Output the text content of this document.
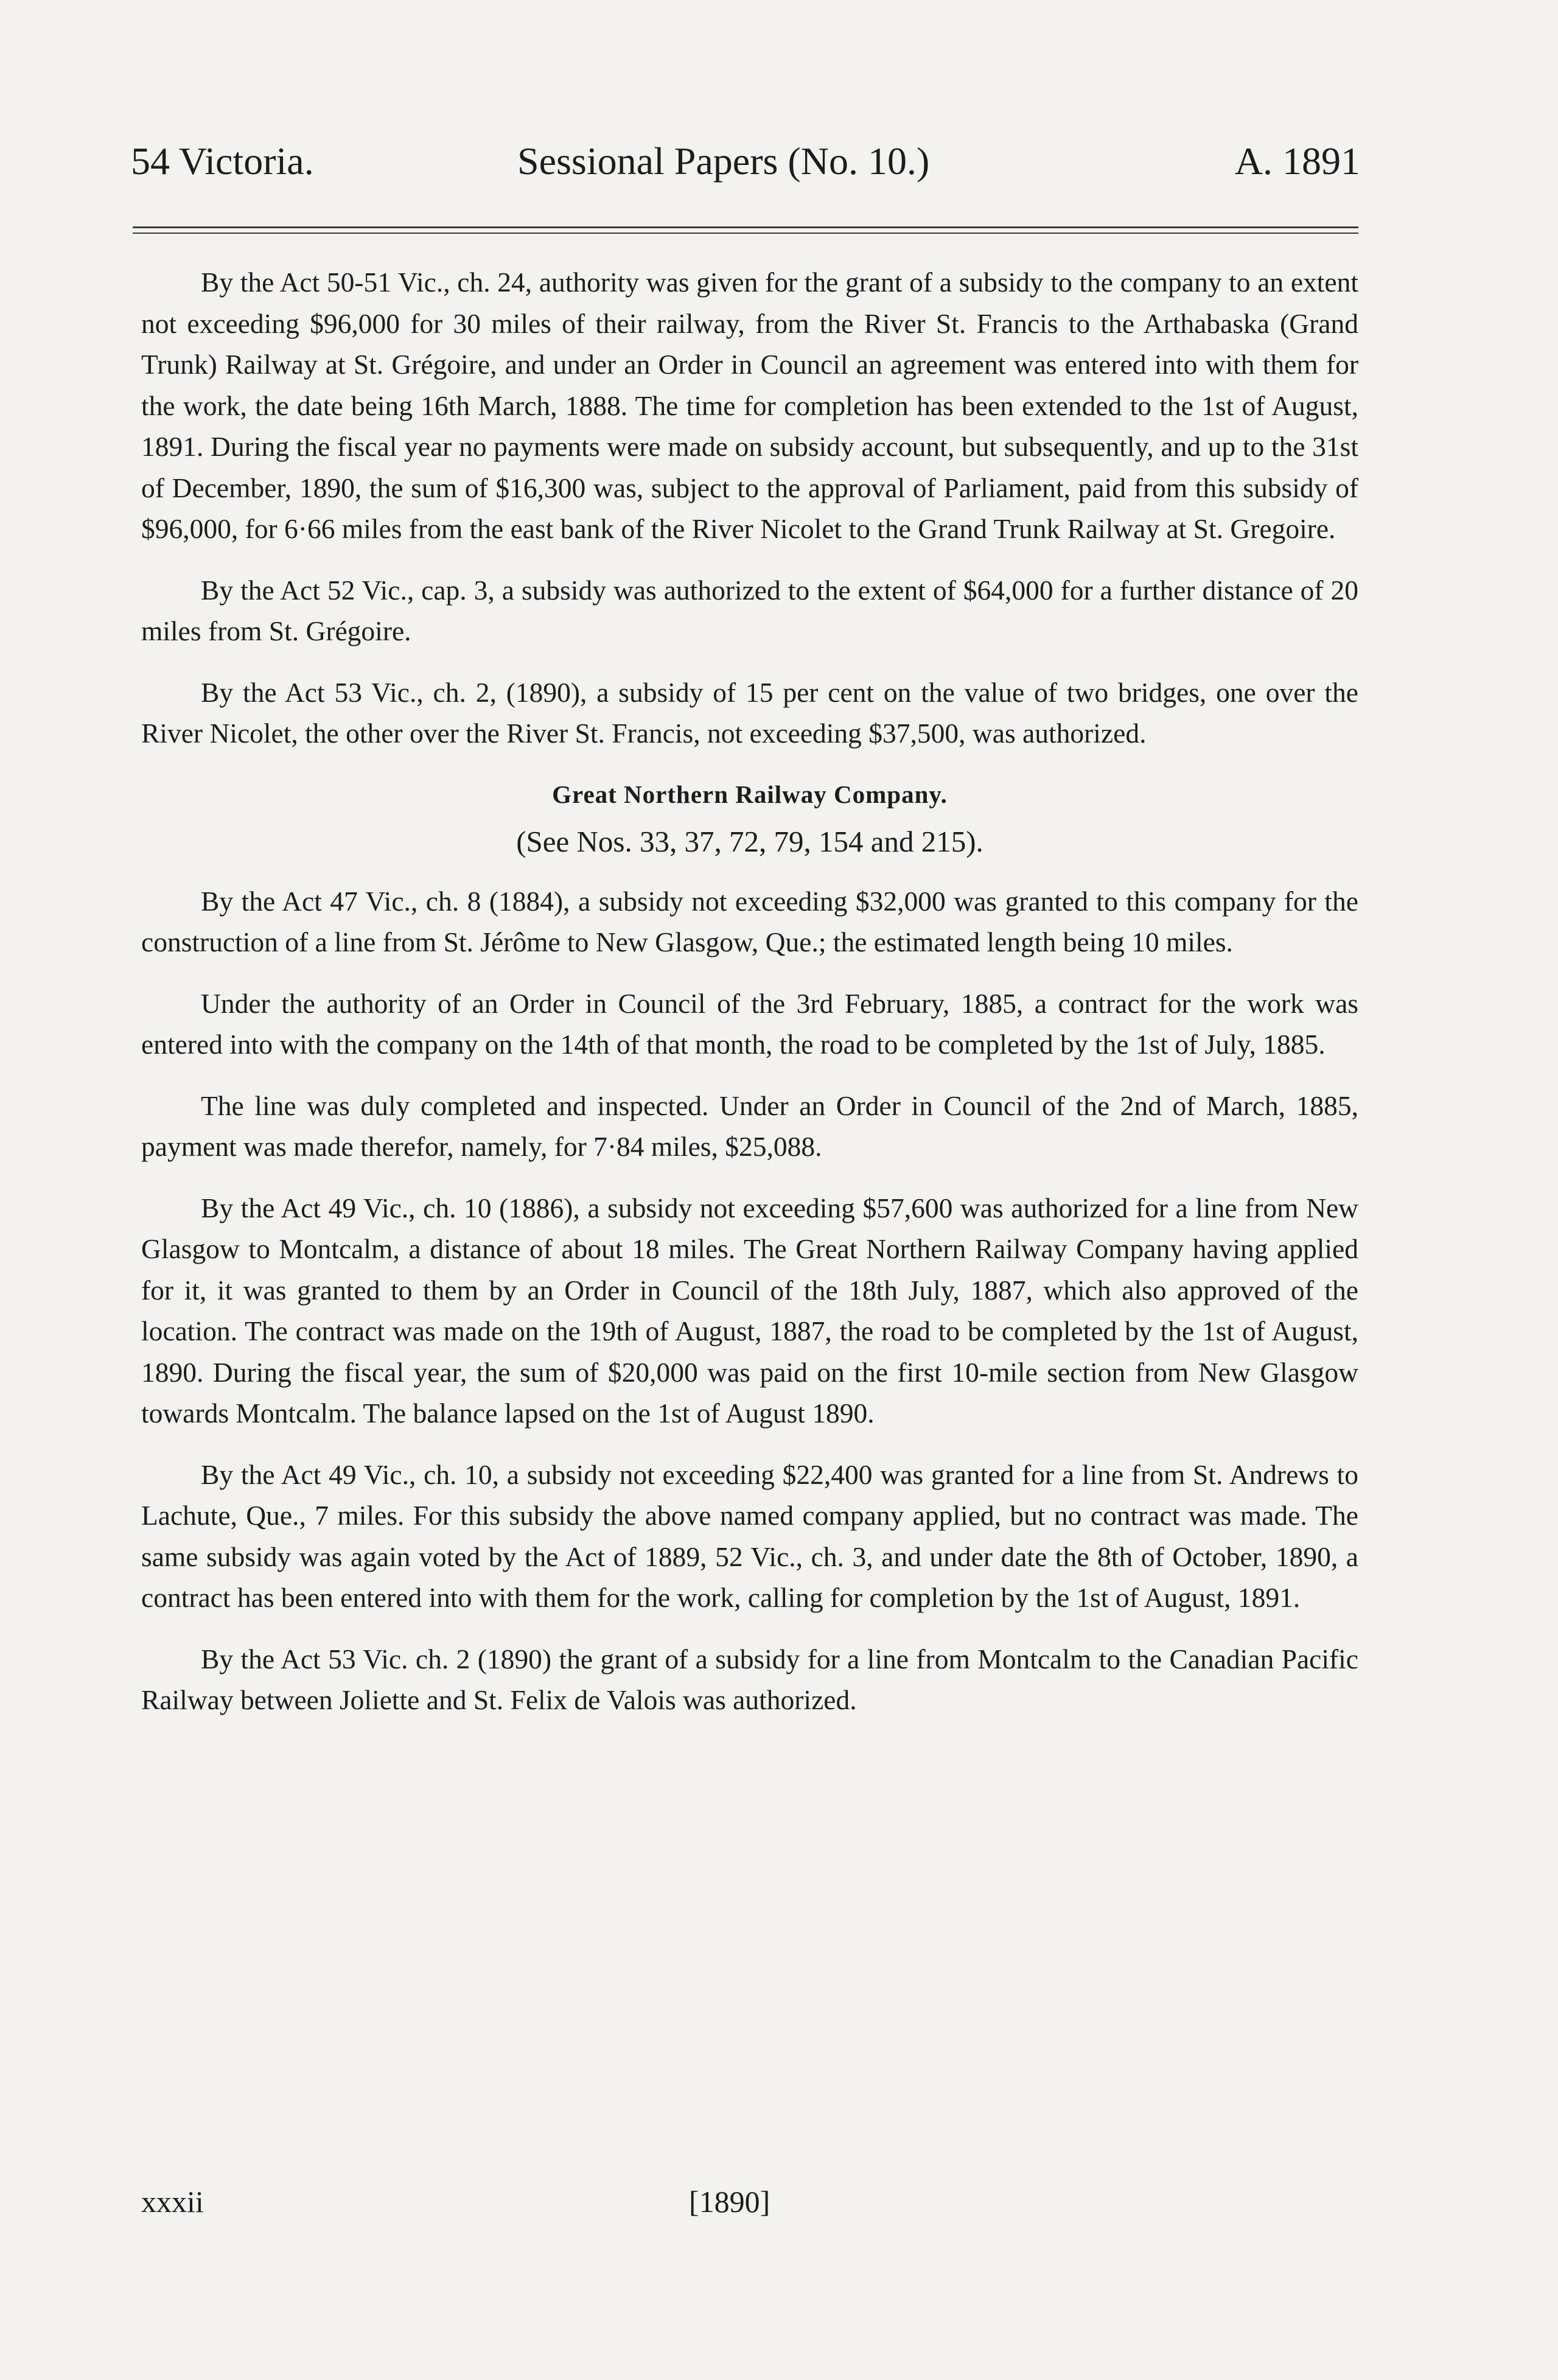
54 Victoria.	Sessional Papers (No. 10.)	A. 1891

By the Act 50-51 Vic., ch. 24, authority was given for the grant of a subsidy to the company to an extent not exceeding $96,000 for 30 miles of their railway, from the River St. Francis to the Arthabaska (Grand Trunk) Railway at St. Grégoire, and under an Order in Council an agreement was entered into with them for the work, the date being 16th March, 1888. The time for completion has been extended to the 1st of August, 1891. During the fiscal year no payments were made on subsidy account, but subsequently, and up to the 31st of December, 1890, the sum of $16,300 was, subject to the approval of Parliament, paid from this subsidy of $96,000, for 6·66 miles from the east bank of the River Nicolet to the Grand Trunk Railway at St. Gregoire.

By the Act 52 Vic., cap. 3, a subsidy was authorized to the extent of $64,000 for a further distance of 20 miles from St. Grégoire.

By the Act 53 Vic., ch. 2, (1890), a subsidy of 15 per cent on the value of two bridges, one over the River Nicolet, the other over the River St. Francis, not exceeding $37,500, was authorized.

Great Northern Railway Company.

(See Nos. 33, 37, 72, 79, 154 and 215).

By the Act 47 Vic., ch. 8 (1884), a subsidy not exceeding $32,000 was granted to this company for the construction of a line from St. Jérôme to New Glasgow, Que.; the estimated length being 10 miles.

Under the authority of an Order in Council of the 3rd February, 1885, a contract for the work was entered into with the company on the 14th of that month, the road to be completed by the 1st of July, 1885.

The line was duly completed and inspected. Under an Order in Council of the 2nd of March, 1885, payment was made therefor, namely, for 7·84 miles, $25,088.

By the Act 49 Vic., ch. 10 (1886), a subsidy not exceeding $57,600 was authorized for a line from New Glasgow to Montcalm, a distance of about 18 miles. The Great Northern Railway Company having applied for it, it was granted to them by an Order in Council of the 18th July, 1887, which also approved of the location. The contract was made on the 19th of August, 1887, the road to be completed by the 1st of August, 1890. During the fiscal year, the sum of $20,000 was paid on the first 10-mile section from New Glasgow towards Montcalm. The balance lapsed on the 1st of August 1890.

By the Act 49 Vic., ch. 10, a subsidy not exceeding $22,400 was granted for a line from St. Andrews to Lachute, Que., 7 miles. For this subsidy the above named company applied, but no contract was made. The same subsidy was again voted by the Act of 1889, 52 Vic., ch. 3, and under date the 8th of October, 1890, a contract has been entered into with them for the work, calling for completion by the 1st of August, 1891.

By the Act 53 Vic. ch. 2 (1890) the grant of a subsidy for a line from Montcalm to the Canadian Pacific Railway between Joliette and St. Felix de Valois was authorized.

xxxii	[1890]
